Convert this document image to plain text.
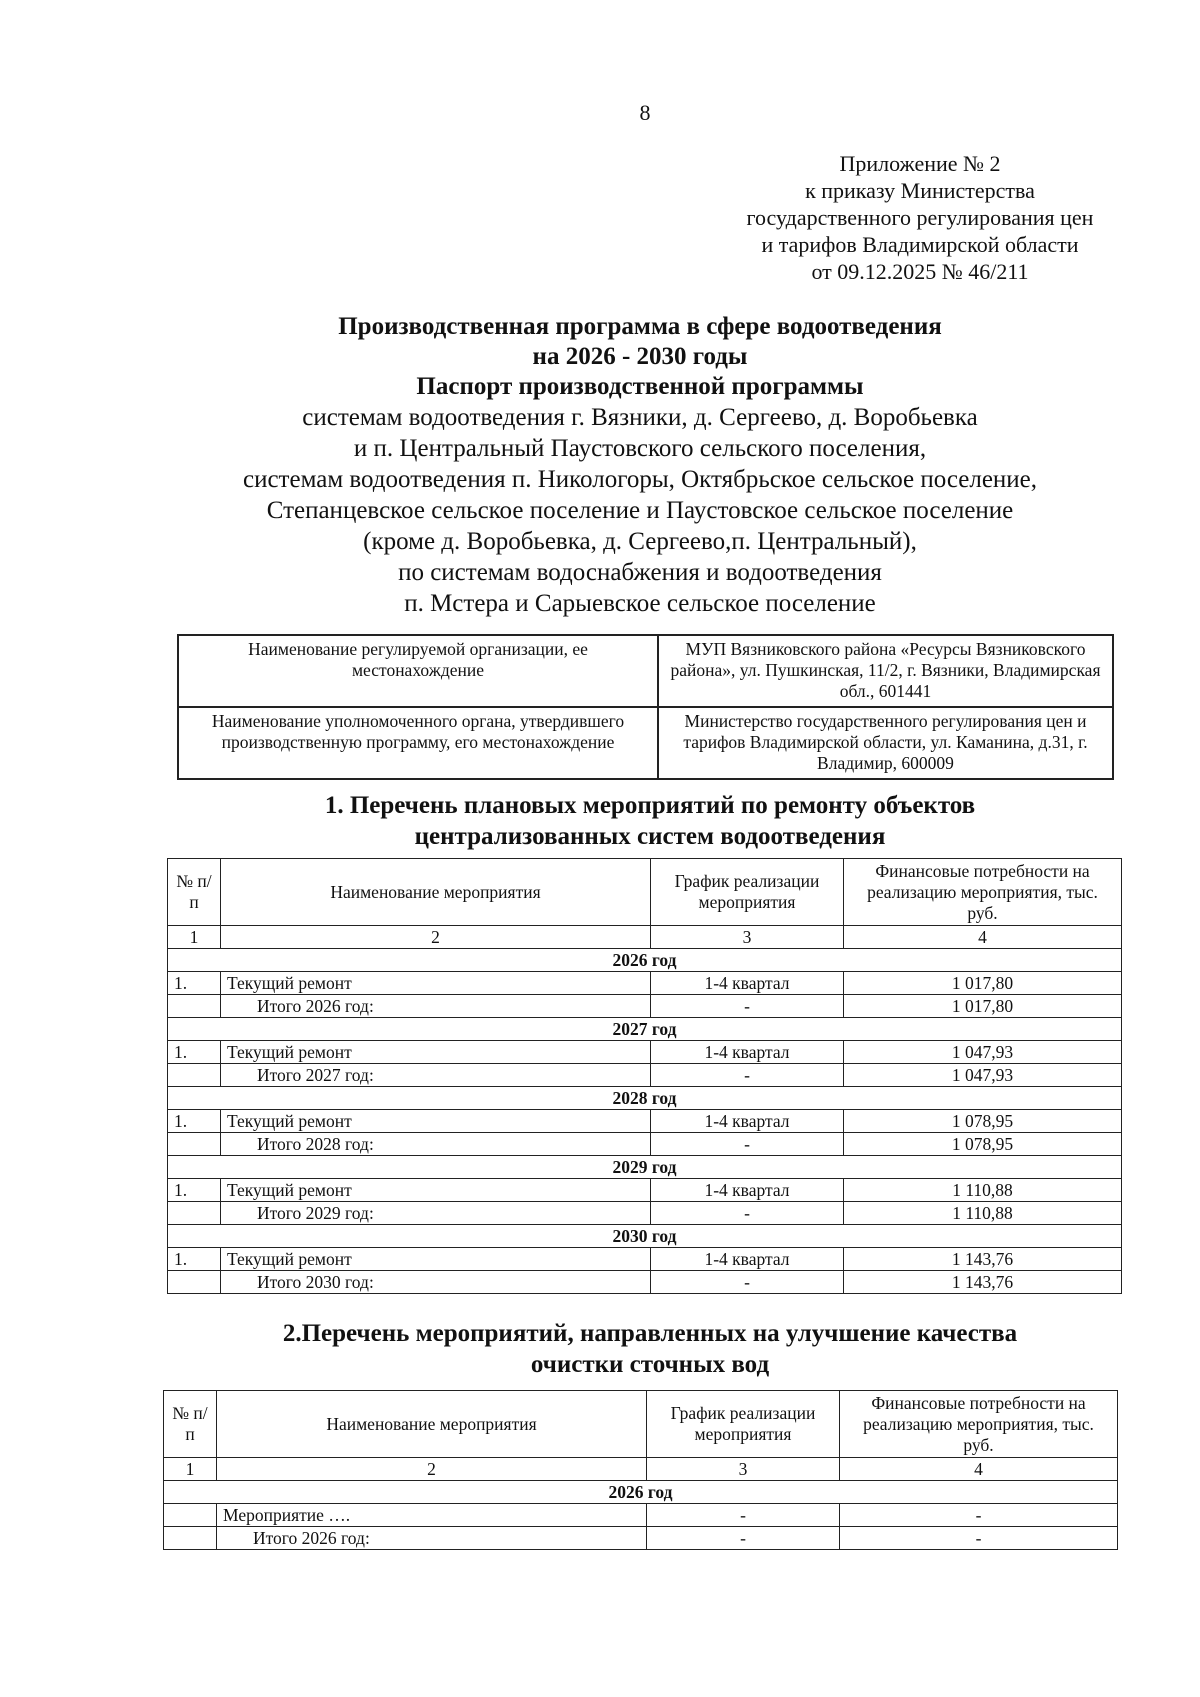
8
Приложение № 2
к приказу Министерства
государственного регулирования цен
и тарифов Владимирской области
от 09.12.2025 № 46/211
Производственная программа в сфере водоотведения
на 2026 - 2030 годы
Паспорт производственной программы
системам водоотведения г. Вязники, д. Сергеево, д. Воробьевка
и п. Центральный Паустовского сельского поселения,
системам водоотведения п. Никологоры, Октябрьское сельское поселение,
Степанцевское сельское поселение и Паустовское сельское поселение
(кроме д. Воробьевка, д. Сергеево,п. Центральный),
по системам водоснабжения и водоотведения
п. Мстера и Сарыевское сельское поселение
Наименование регулируемой организации, ее местонахождение	МУП Вязниковского района «Ресурсы Вязниковского района», ул. Пушкинская, 11/2, г. Вязники, Владимирская обл., 601441
Наименование уполномоченного органа, утвердившего производственную программу, его местонахождение	Министерство государственного регулирования цен и тарифов Владимирской области, ул. Каманина, д.31, г. Владимир, 600009
1. Перечень плановых мероприятий по ремонту объектов
централизованных систем водоотведения
№ п/п	Наименование мероприятия	График реализации мероприятия	Финансовые потребности на реализацию мероприятия, тыс. руб.
1	2	3	4
2026 год			
1.	Текущий ремонт	1-4 квартал	1 017,80
	Итого 2026 год:	-	1 017,80
2027 год			
1.	Текущий ремонт	1-4 квартал	1 047,93
	Итого 2027 год:	-	1 047,93
2028 год			
1.	Текущий ремонт	1-4 квартал	1 078,95
	Итого 2028 год:	-	1 078,95
2029 год			
1.	Текущий ремонт	1-4 квартал	1 110,88
	Итого 2029 год:	-	1 110,88
2030 год			
1.	Текущий ремонт	1-4 квартал	1 143,76
	Итого 2030 год:	-	1 143,76
2.Перечень мероприятий, направленных на улучшение качества
очистки сточных вод
№ п/п	Наименование мероприятия	График реализации мероприятия	Финансовые потребности на реализацию мероприятия, тыс. руб.
1	2	3	4
2026 год			
	Мероприятие ….	-	-
	Итого 2026 год:	-	-
